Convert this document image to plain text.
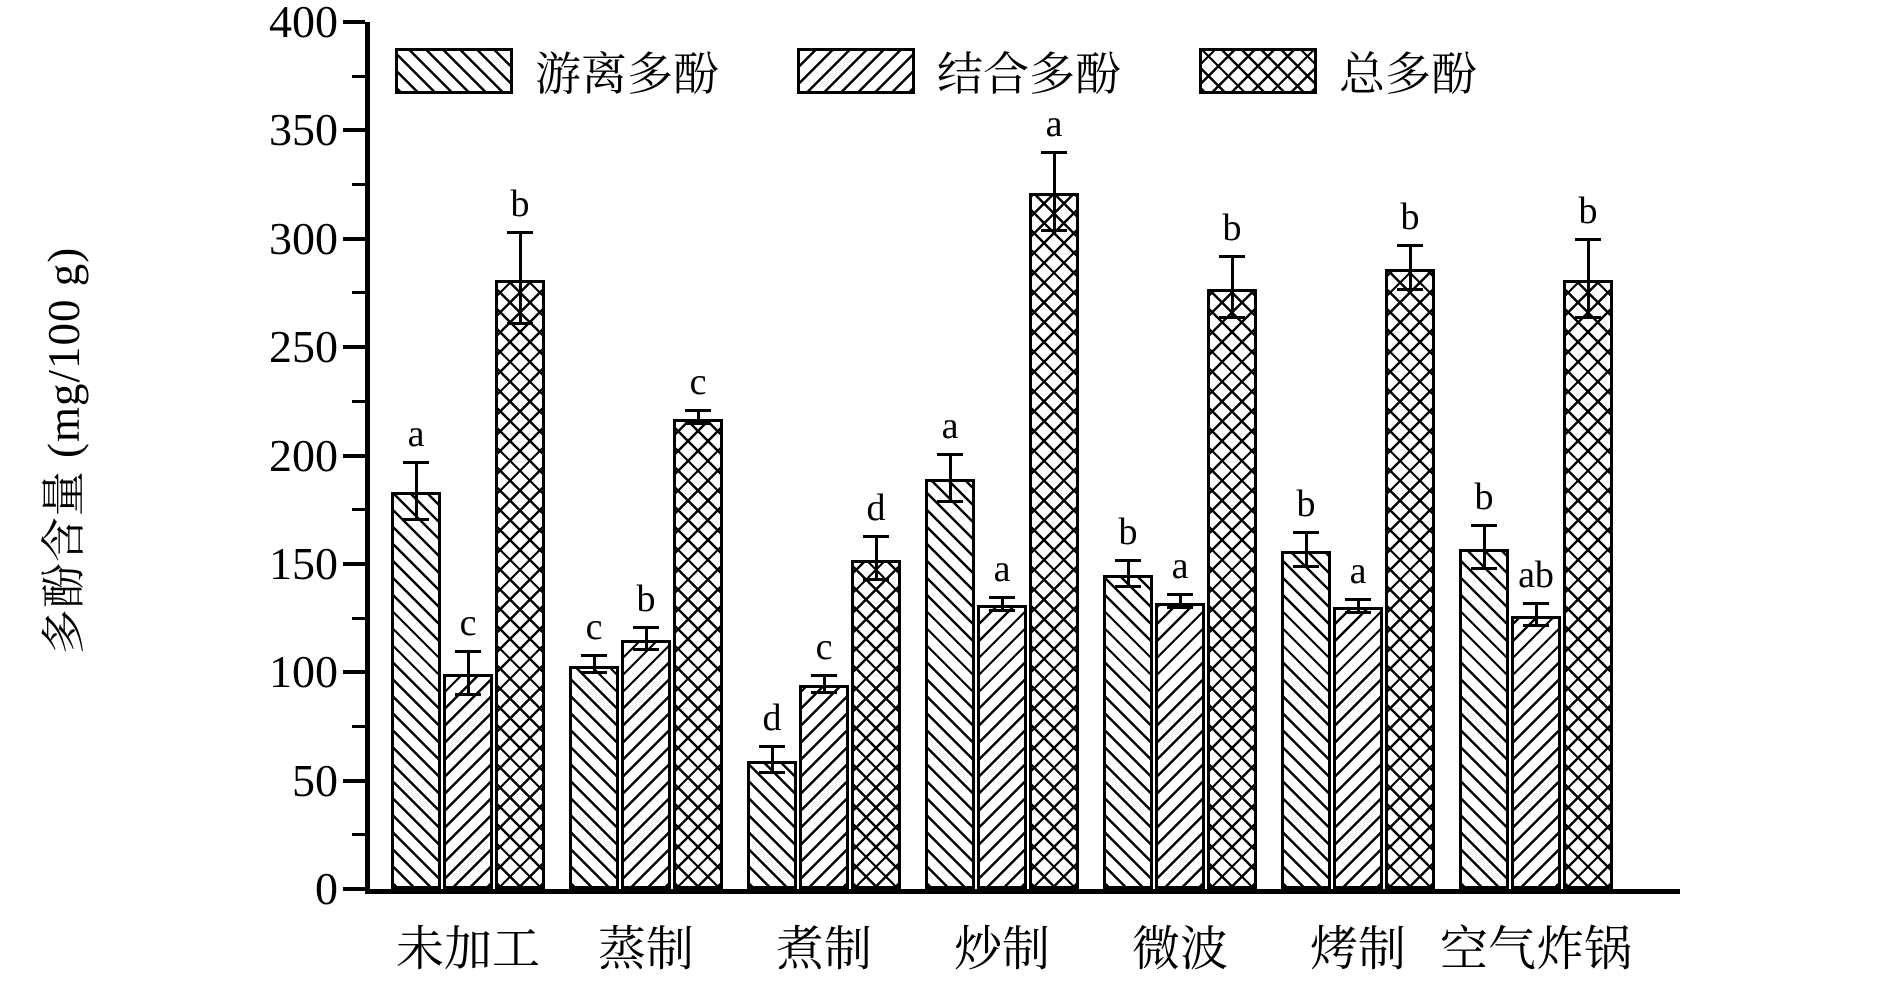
多酚含量 (mg/100 g)
0
50
100
150
200
250
300
350
400
a
c
b
c
b
c
d
c
d
a
a
a
b
a
b
b
a
b
b
ab
b
未加工	蒸制	煮制	炒制	微波	烤制 空气炸锅
游离多酚	结合多酚	总多酚
